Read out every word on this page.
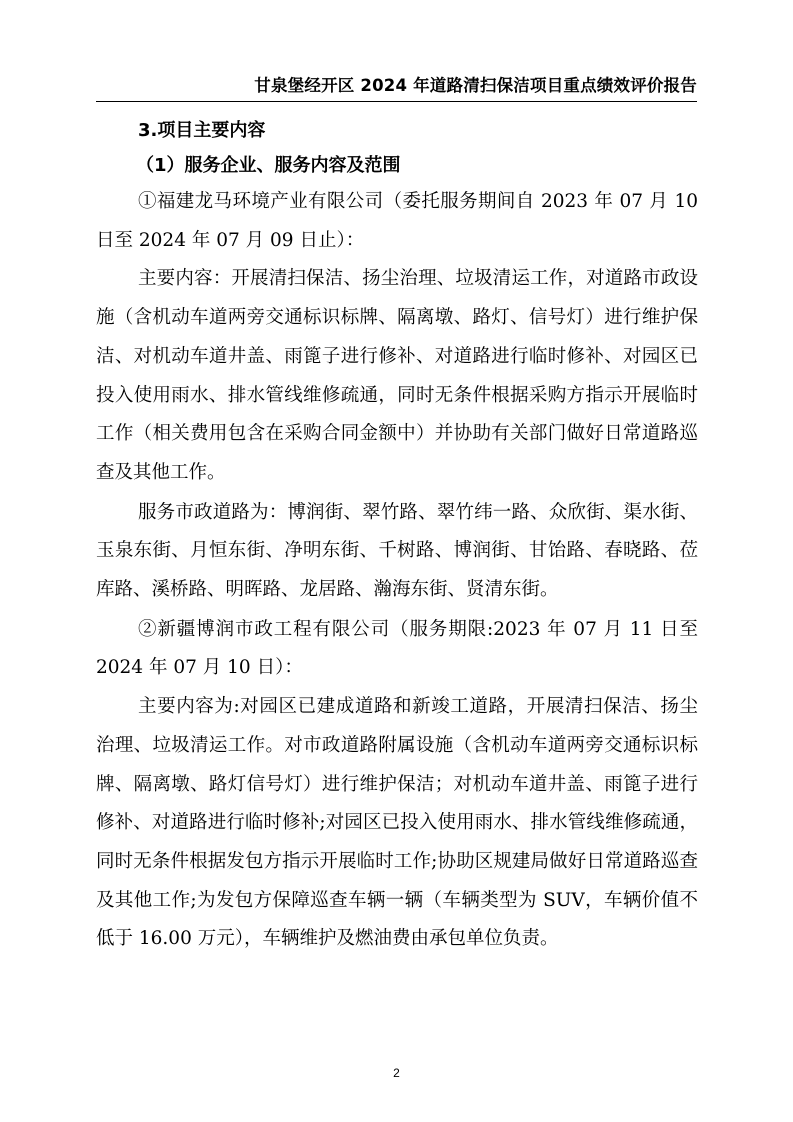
甘泉堡经开区 2024 年道路清扫保洁项目重点绩效评价报告

3.项目主要内容

（1）服务企业、服务内容及范围

①福建龙马环境产业有限公司（委托服务期间自 2023 年 07 月 10 日至 2024 年 07 月 09 日止）：

主要内容：开展清扫保洁、扬尘治理、垃圾清运工作，对道路市政设施（含机动车道两旁交通标识标牌、隔离墩、路灯、信号灯）进行维护保洁、对机动车道井盖、雨篦子进行修补、对道路进行临时修补、对园区已投入使用雨水、排水管线维修疏通，同时无条件根据采购方指示开展临时工作（相关费用包含在采购合同金额中）并协助有关部门做好日常道路巡查及其他工作。

服务市政道路为：博润街、翠竹路、翠竹纬一路、众欣街、渠水街、玉泉东街、月恒东街、净明东街、千树路、博润街、甘饴路、春晓路、莅库路、溪桥路、明晖路、龙居路、瀚海东街、贤清东街。

②新疆博润市政工程有限公司（服务期限:2023 年 07 月 11 日至 2024 年 07 月 10 日）：

主要内容为:对园区已建成道路和新竣工道路，开展清扫保洁、扬尘治理、垃圾清运工作。对市政道路附属设施（含机动车道两旁交通标识标牌、隔离墩、路灯信号灯）进行维护保洁；对机动车道井盖、雨篦子进行修补、对道路进行临时修补;对园区已投入使用雨水、排水管线维修疏通，同时无条件根据发包方指示开展临时工作;协助区规建局做好日常道路巡查及其他工作;为发包方保障巡查车辆一辆（车辆类型为 SUV，车辆价值不低于 16.00 万元），车辆维护及燃油费由承包单位负责。

2
